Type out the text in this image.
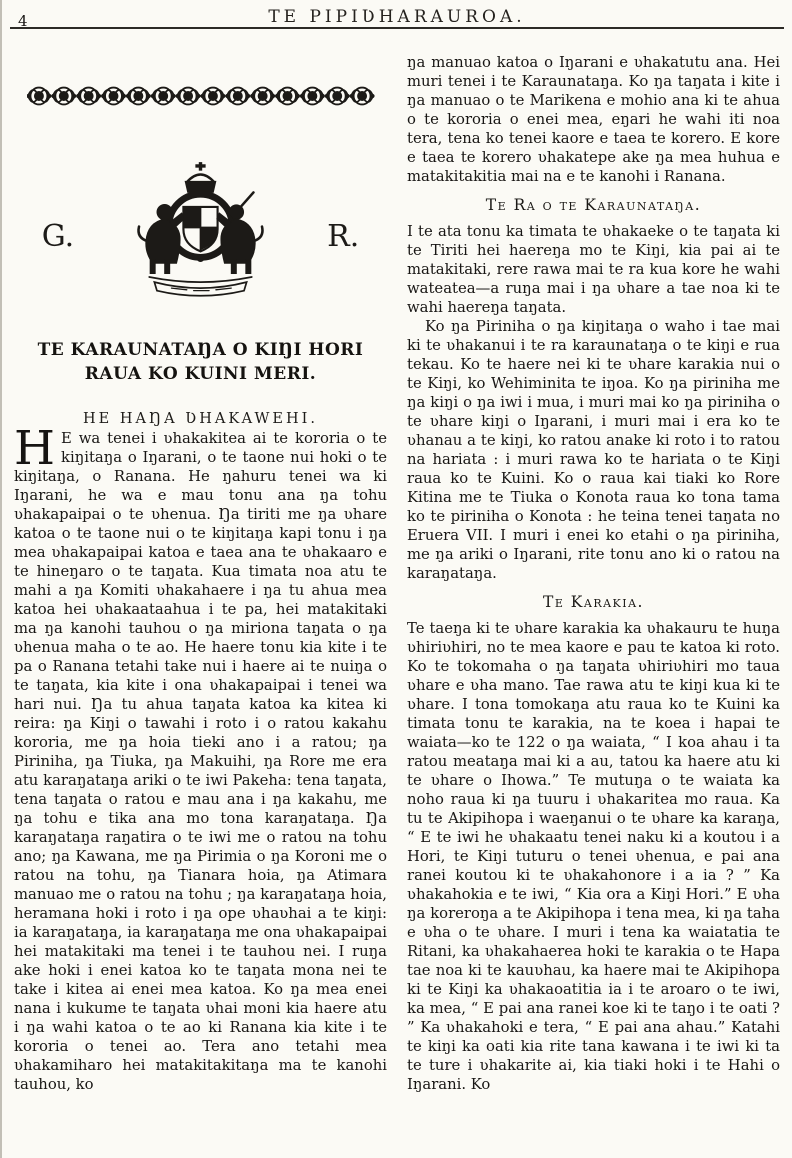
4	TE PIPIƲHARAUROA.
G.	R.
TE KARAUNATAŊA O KIŊI HORI
RAUA KO KUINI MERI.
HE HAŊA ƲHAKAWEHI.

H E wa tenei i ʋhakakitea ai te kororia o te kiŋitaŋa o Iŋarani, o te taone nui hoki o te kiŋitaŋa, o Ranana. He ŋahuru tenei wa ki Iŋarani, he wa e mau tonu ana ŋa tohu ʋhakapaipai o te ʋhenua. Ŋa tiriti me ŋa ʋhare katoa o te taone nui o te kiŋitaŋa kapi tonu i ŋa mea ʋhakapaipai katoa e taea ana te ʋhakaaro e te hineŋaro o te taŋata. Kua timata noa atu te mahi a ŋa Komiti ʋhakahaere i ŋa tu ahua mea katoa hei ʋhakaataahua i te pa, hei matakitaki ma ŋa kanohi tauhou o ŋa miriona taŋata o ŋa ʋhenua maha o te ao. He haere tonu kia kite i te pa o Ranana tetahi take nui i haere ai te nuiŋa o te taŋata, kia kite i ona ʋhakapaipai i tenei wa hari nui. Ŋa tu ahua taŋata katoa ka kitea ki reira: ŋa Kiŋi o tawahi i roto i o ratou kakahu kororia, me ŋa hoia tieki ano i a ratou; ŋa Piriniha, ŋa Tiuka, ŋa Makuihi, ŋa Rore me era atu karaŋataŋa ariki o te iwi Pakeha: tena taŋata, tena taŋata o ratou e mau ana i ŋa kakahu, me ŋa tohu e tika ana mo tona karaŋataŋa. Ŋa karaŋataŋa raŋatira o te iwi me o ratou na tohu ano; ŋa Kawana, me ŋa Pirimia o ŋa Koroni me o ratou na tohu, ŋa Tianara hoia, ŋa Atimara manuao me o ratou na tohu ; ŋa karaŋataŋa hoia, heramana hoki i roto i ŋa ope ʋhaʋhai a te kiŋi: ia karaŋataŋa, ia karaŋataŋa me ona ʋhakapaipai hei matakitaki ma tenei i te tauhou nei. I ruŋa ake hoki i enei katoa ko te taŋata mona nei te take i kitea ai enei mea katoa. Ko ŋa mea enei nana i kukume te taŋata ʋhai moni kia haere atu i ŋa wahi katoa o te ao ki Ranana kia kite i te kororia o tenei ao. Tera ano tetahi mea ʋhakamiharo hei matakitakitaŋa ma te kanohi tauhou, ko

ŋa manuao katoa o Iŋarani e ʋhakatutu ana. Hei muri tenei i te Karaunataŋa. Ko ŋa taŋata i kite i ŋa manuao o te Marikena e mohio ana ki te ahua o te kororia o enei mea, eŋari he wahi iti noa tera, tena ko tenei kaore e taea te korero. E kore e taea te korero ʋhakatepe ake ŋa mea huhua e matakitakitia mai na e te kanohi i Ranana.

Te Ra o te Karaunataŋa.

I te ata tonu ka timata te ʋhakaeke o te taŋata ki te Tiriti hei haereŋa mo te Kiŋi, kia pai ai te matakitaki, rere rawa mai te ra kua kore he wahi wateatea—a ruŋa mai i ŋa ʋhare a tae noa ki te wahi haereŋa taŋata.

Ko ŋa Piriniha o ŋa kiŋitaŋa o waho i tae mai ki te ʋhakanui i te ra karaunataŋa o te kiŋi e rua tekau. Ko te haere nei ki te ʋhare karakia nui o te Kiŋi, ko Wehiminita te iŋoa. Ko ŋa piriniha me ŋa kiŋi o ŋa iwi i mua, i muri mai ko ŋa piriniha o te ʋhare kiŋi o Iŋarani, i muri mai i era ko te ʋhanau a te kiŋi, ko ratou anake ki roto i to ratou na hariata : i muri rawa ko te hariata o te Kiŋi raua ko te Kuini. Ko o raua kai tiaki ko Rore Kitina me te Tiuka o Konota raua ko tona tama ko te piriniha o Konota : he teina tenei taŋata no Eruera VII. I muri i enei ko etahi o ŋa piriniha, me ŋa ariki o Iŋarani, rite tonu ano ki o ratou na karaŋataŋa.

Te Karakia.

Te taeŋa ki te ʋhare karakia ka ʋhakauru te huŋa ʋhiriʋhiri, no te mea kaore e pau te katoa ki roto. Ko te tokomaha o ŋa taŋata ʋhiriʋhiri mo taua ʋhare e ʋha mano. Tae rawa atu te kiŋi kua ki te ʋhare. I tona tomokaŋa atu raua ko te Kuini ka timata tonu te karakia, na te koea i hapai te waiata—ko te 122 o ŋa waiata, “ I koa ahau i ta ratou meataŋa mai ki a au, tatou ka haere atu ki te ʋhare o Ihowa.” Te mutuŋa o te waiata ka noho raua ki ŋa tuuru i ʋhakaritea mo raua. Ka tu te Akipihopa i waeŋanui o te ʋhare ka karaŋa, “ E te iwi he ʋhakaatu tenei naku ki a koutou i a Hori, te Kiŋi tuturu o tenei ʋhenua, e pai ana ranei koutou ki te ʋhakahonore i a ia ? ” Ka ʋhakahokia e te iwi, “ Kia ora a Kiŋi Hori.” E ʋha ŋa koreroŋa a te Akipihopa i tena mea, ki ŋa taha e ʋha o te ʋhare. I muri i tena ka waiatatia te Ritani, ka ʋhakahaerea hoki te karakia o te Hapa tae noa ki te kauʋhau, ka haere mai te Akipihopa ki te Kiŋi ka ʋhakaoatitia ia i te aroaro o te iwi, ka mea, “ E pai ana ranei koe ki te taŋo i te oati ? ” Ka ʋhakahoki e tera, “ E pai ana ahau.” Katahi te kiŋi ka oati kia rite tana kawana i te iwi ki ta te ture i ʋhakarite ai, kia tiaki hoki i te Hahi o Iŋarani. Ko
